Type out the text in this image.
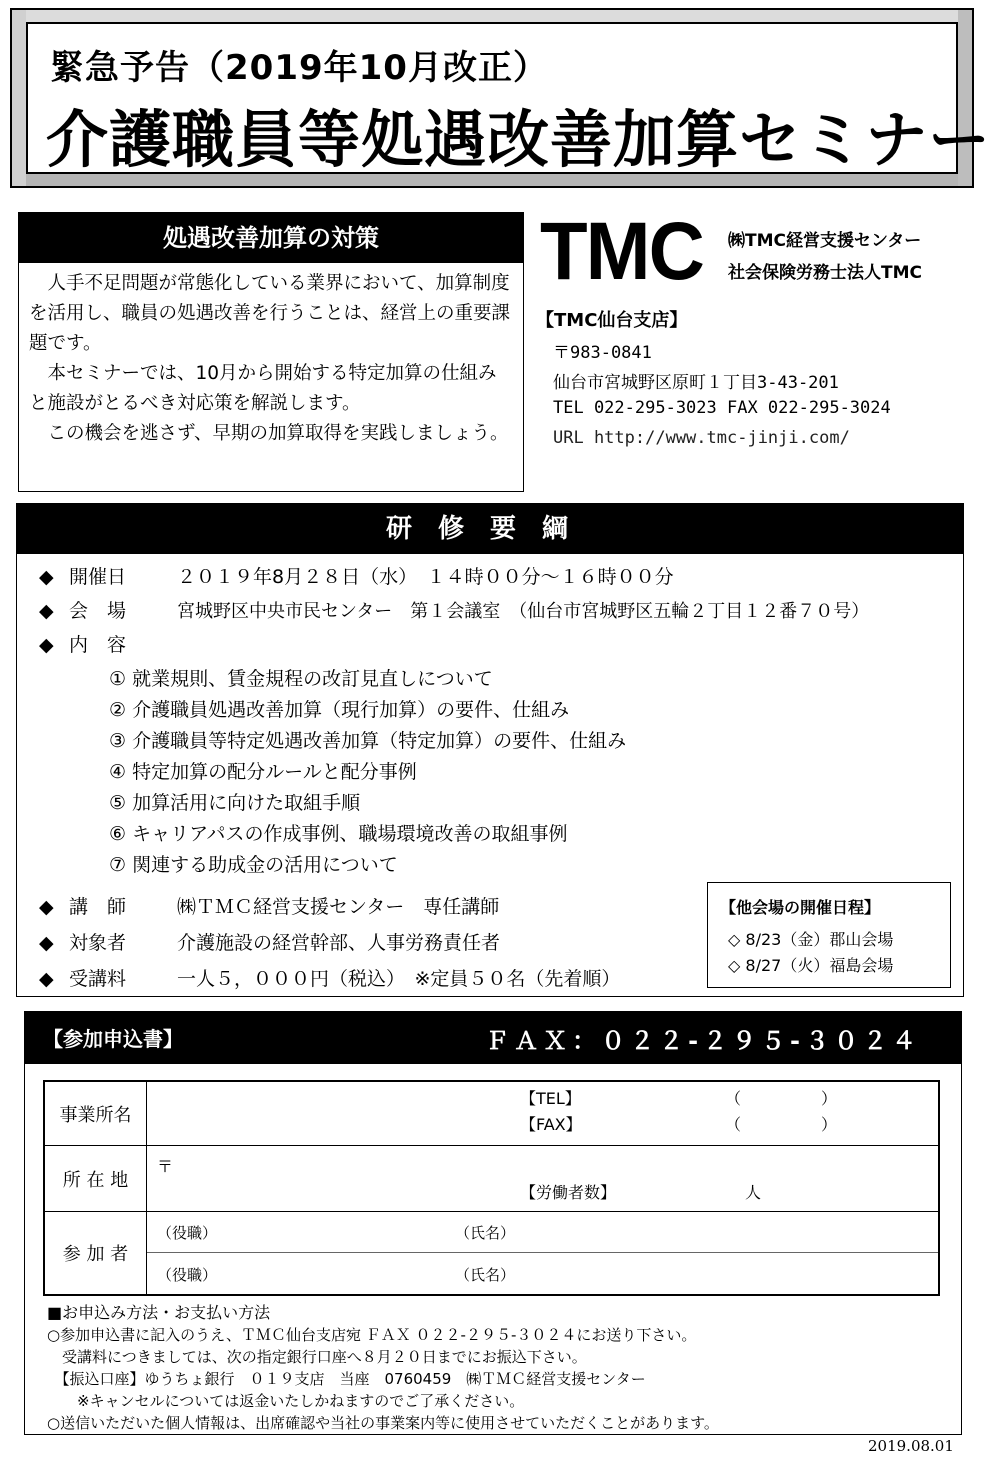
緊急予告（2019年10月改正）
介護職員等処遇改善加算セミナー
処遇改善加算の対策

人手不足問題が常態化している業界において、加算制度を活用し、職員の処遇改善を行うことは、経営上の重要課題です。

本セミナーでは、10月から開始する特定加算の仕組みと施設がとるべき対応策を解説します。

この機会を逃さず、早期の加算取得を実践しましょう。

TMC ㈱TMC経営支援センター
社会保険労務士法人TMC
【TMC仙台支店】
〒983-0841
仙台市宮城野区原町１丁目3-43-201
TEL 022-295-3023 FAX 022-295-3024
URL http://www.tmc-jinji.com/
研修要綱
◆ 開催日	２０１９年8月２８日（水）　１４時００分～１６時００分
◆ 会　場	宮城野区中央市民センター　第１会議室　（仙台市宮城野区五輪２丁目１２番７０号）
◆ 内　容
① 就業規則、賃金規程の改訂見直しについて
② 介護職員処遇改善加算（現行加算）の要件、仕組み
③ 介護職員等特定処遇改善加算（特定加算）の要件、仕組み
④ 特定加算の配分ルールと配分事例
⑤ 加算活用に向けた取組手順
⑥ キャリアパスの作成事例、職場環境改善の取組事例
⑦ 関連する助成金の活用について
◆ 講　師	㈱ＴＭＣ経営支援センター　専任講師
◆ 対象者	介護施設の経営幹部、人事労務責任者
◆ 受講料	一人５，０００円（税込）　※定員５０名（先着順）
【他会場の開催日程】
◇ 8/23（金）郡山会場
◇ 8/27（火）福島会場
【参加申込書】	ＦＡＸ：０２２-２９５-３０２４
事業所名
【TEL】	（　　　　　）
【FAX】	（　　　　　）
所 在 地
〒
【労働者数】	人
参 加 者
（役職）	（氏名）
（役職）	（氏名）
■お申込み方法・お支払い方法
○参加申込書に記入のうえ、ＴＭＣ仙台支店宛 ＦＡＸ ０２２-２９５-３０２４にお送り下さい。
　受講料につきましては、次の指定銀行口座へ８月２０日までにお振込下さい。
　【振込口座】ゆうちょ銀行　０１９支店　当座　0760459　㈱ＴＭＣ経営支援センター
　　※キャンセルについては返金いたしかねますのでご了承ください。
○送信いただいた個人情報は、出席確認や当社の事業案内等に使用させていただくことがあります。
2019.08.01
